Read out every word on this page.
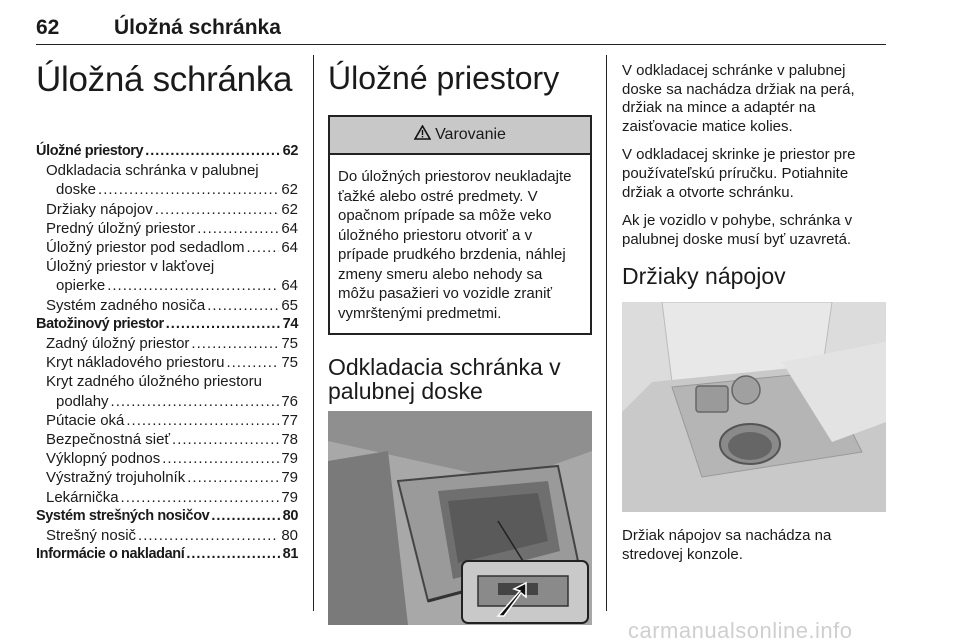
62	Úložná schránka
Úložná schránka
Úložné priestory .....	62
Odkladacia schránka v palubnej
doske .....	62
Držiaky nápojov .....	62
Predný úložný priestor .....	64
Úložný priestor pod sedadlom ..... 64
Úložný priestor v lakťovej
opierke .....	64
Systém zadného nosiča .....	65
Batožinový priestor .....	74
Zadný úložný priestor .....	75
Kryt nákladového priestoru .....	75
Kryt zadného úložného priestoru
podlahy .....	76
Pútacie oká .....	77
Bezpečnostná sieť .....	78
Výklopný podnos .....	79
Výstražný trojuholník .....	79
Lekárnička .....	79
Systém strešných nosičov .....	80
Strešný nosič .....	80
Informácie o nakladaní .....	81
Úložné priestory
Varovanie
Do úložných priestorov neukladajte ťažké alebo ostré predmety. V opačnom prípade sa môže veko úložného priestoru otvoriť a v prípade prudkého brzdenia, náhlej zmeny smeru alebo nehody sa môžu pasažieri vo vozidle zraniť vymrštenými predmetmi.
Odkladacia schránka v palubnej doske

V odkladacej schránke v palubnej doske sa nachádza držiak na perá, držiak na mince a adaptér na zaisťovacie matice kolies.

V odkladacej skrinke je priestor pre používateľskú príručku. Potiahnite držiak a otvorte schránku.

Ak je vozidlo v pohybe, schránka v palubnej doske musí byť uzavretá.

Držiaky nápojov
Držiak nápojov sa nachádza na stredovej konzole.
carmanualsonline.info
